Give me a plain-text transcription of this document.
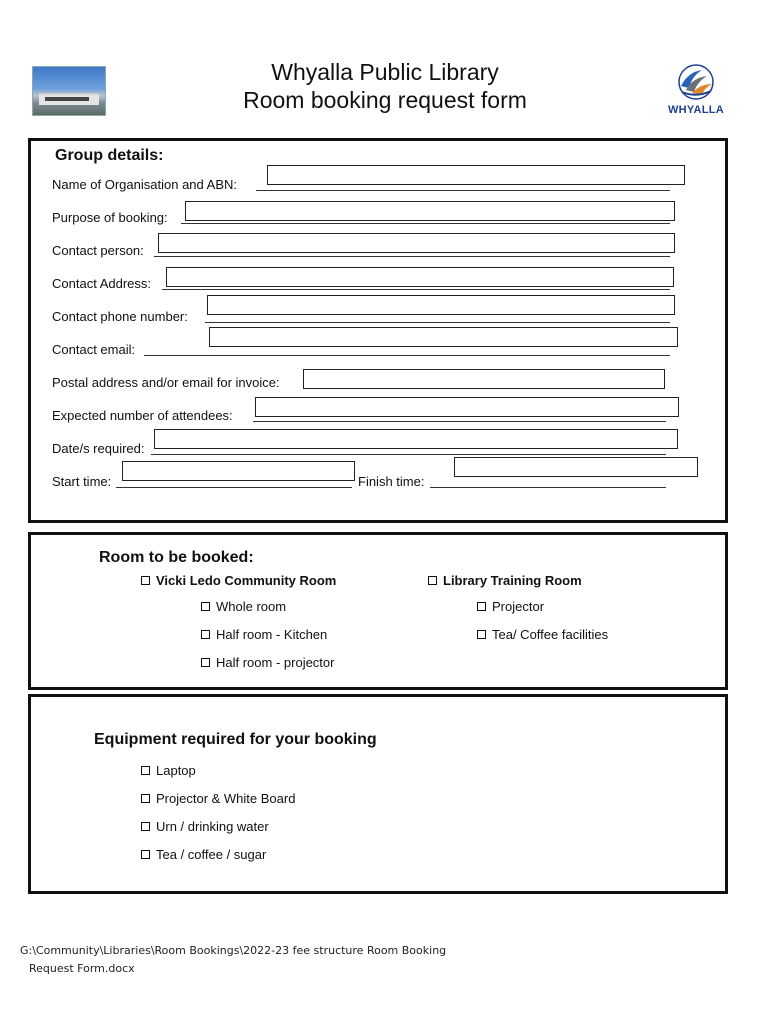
Whyalla Public Library
Room booking request form	WHYALLA
Group details:
Name of Organisation and ABN:
Purpose of booking:
Contact person:
Contact Address:
Contact phone number:
Contact email:
Postal address and/or email for invoice:
Expected number of attendees:
Date/s required:
Start time:	Finish time:
Room to be booked:
Vicki Ledo Community Room
Whole room
Half room - Kitchen
Half room - projector
Library Training Room
Projector
Tea/ Coffee facilities
Equipment required for your booking
Laptop
Projector & White Board
Urn / drinking water
Tea / coffee / sugar
G:\Community\Libraries\Room Bookings\2022-23 fee structure Room Booking
Request Form.docx
